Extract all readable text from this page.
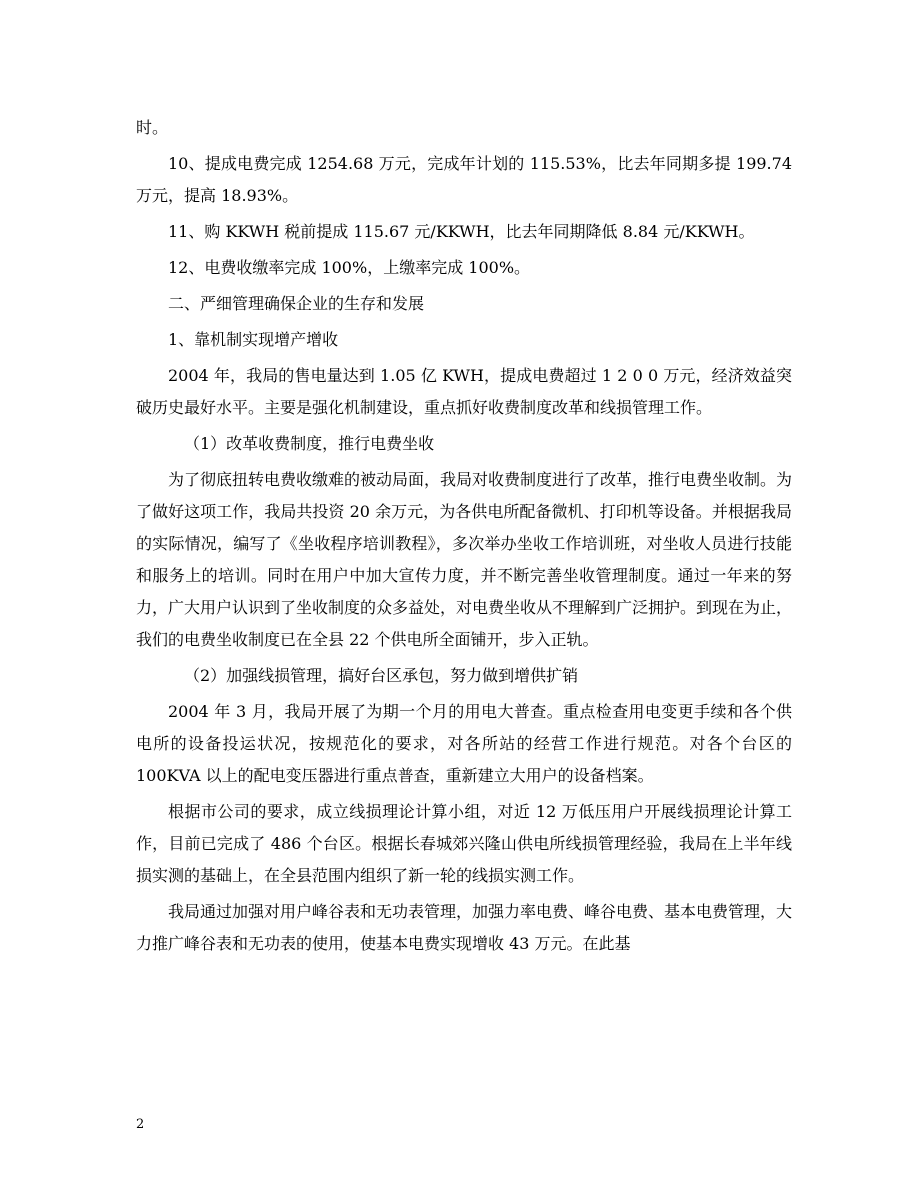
时。

10、提成电费完成 1254.68 万元，完成年计划的 115.53%，比去年同期多提 199.74 万元，提高 18.93%。

11、购 KKWH 税前提成 115.67 元/KKWH，比去年同期降低 8.84 元/KKWH。

12、电费收缴率完成 100%，上缴率完成 100%。

二、严细管理确保企业的生存和发展

1、靠机制实现增产增收

2004 年，我局的售电量达到 1.05 亿 KWH，提成电费超过 1 2 0 0 万元，经济效益突破历史最好水平。主要是强化机制建设，重点抓好收费制度改革和线损管理工作。

（1）改革收费制度，推行电费坐收

为了彻底扭转电费收缴难的被动局面，我局对收费制度进行了改革，推行电费坐收制。为了做好这项工作，我局共投资 20 余万元，为各供电所配备微机、打印机等设备。并根据我局的实际情况，编写了《坐收程序培训教程》，多次举办坐收工作培训班，对坐收人员进行技能和服务上的培训。同时在用户中加大宣传力度，并不断完善坐收管理制度。通过一年来的努力，广大用户认识到了坐收制度的众多益处，对电费坐收从不理解到广泛拥护。到现在为止，我们的电费坐收制度已在全县 22 个供电所全面铺开，步入正轨。

（2）加强线损管理，搞好台区承包，努力做到增供扩销

2004 年 3 月，我局开展了为期一个月的用电大普查。重点检查用电变更手续和各个供电所的设备投运状况，按规范化的要求，对各所站的经营工作进行规范。对各个台区的 100KVA 以上的配电变压器进行重点普查，重新建立大用户的设备档案。

根据市公司的要求，成立线损理论计算小组，对近 12 万低压用户开展线损理论计算工作，目前已完成了 486 个台区。根据长春城郊兴隆山供电所线损管理经验，我局在上半年线损实测的基础上，在全县范围内组织了新一轮的线损实测工作。

我局通过加强对用户峰谷表和无功表管理，加强力率电费、峰谷电费、基本电费管理，大力推广峰谷表和无功表的使用，使基本电费实现增收 43 万元。在此基

2
